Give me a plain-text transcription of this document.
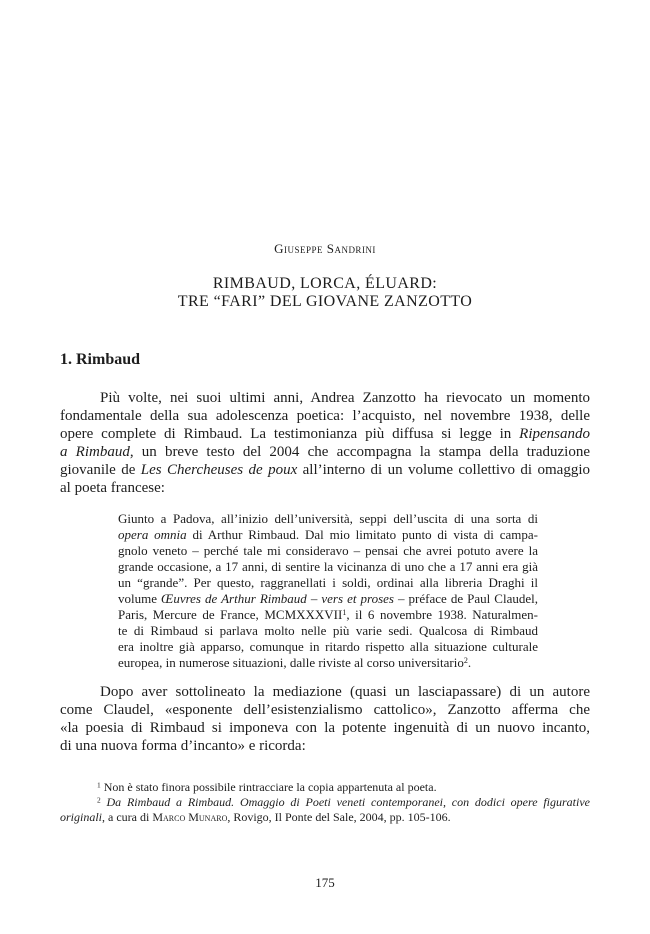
Giuseppe Sandrini
RIMBAUD, LORCA, ÉLUARD:
TRE “FARI” DEL GIOVANE ZANZOTTO
1. Rimbaud
Più volte, nei suoi ultimi anni, Andrea Zanzotto ha rievocato un momento
fondamentale della sua adolescenza poetica: l’acquisto, nel novembre 1938, delle
opere complete di Rimbaud. La testimonianza più diffusa si legge in Ripensando
a Rimbaud, un breve testo del 2004 che accompagna la stampa della traduzione
giovanile de Les Chercheuses de poux all’interno di un volume collettivo di omaggio
al poeta francese:
Giunto a Padova, all’inizio dell’università, seppi dell’uscita di una sorta di
opera omnia di Arthur Rimbaud. Dal mio limitato punto di vista di campa-
gnolo veneto – perché tale mi consideravo – pensai che avrei potuto avere la
grande occasione, a 17 anni, di sentire la vicinanza di uno che a 17 anni era già
un “grande”. Per questo, raggranellati i soldi, ordinai alla libreria Draghi il
volume Œuvres de Arthur Rimbaud – vers et proses – préface de Paul Claudel,
Paris, Mercure de France, MCMXXXVII$^1$, il 6 novembre 1938. Naturalmen-
te di Rimbaud si parlava molto nelle più varie sedi. Qualcosa di Rimbaud
era inoltre già apparso, comunque in ritardo rispetto alla situazione culturale
europea, in numerose situazioni, dalle riviste al corso universitario$^2$.
Dopo aver sottolineato la mediazione (quasi un lasciapassare) di un autore
come Claudel, «esponente dell’esistenzialismo cattolico», Zanzotto afferma che
«la poesia di Rimbaud si imponeva con la potente ingenuità di un nuovo incanto,
di una nuova forma d’incanto» e ricorda:
$^1$ Non è stato finora possibile rintracciare la copia appartenuta al poeta.
$^2$ Da Rimbaud a Rimbaud. Omaggio di Poeti veneti contemporanei, con dodici opere figurative
originali, a cura di Marco Munaro, Rovigo, Il Ponte del Sale, 2004, pp. 105-106.
175
